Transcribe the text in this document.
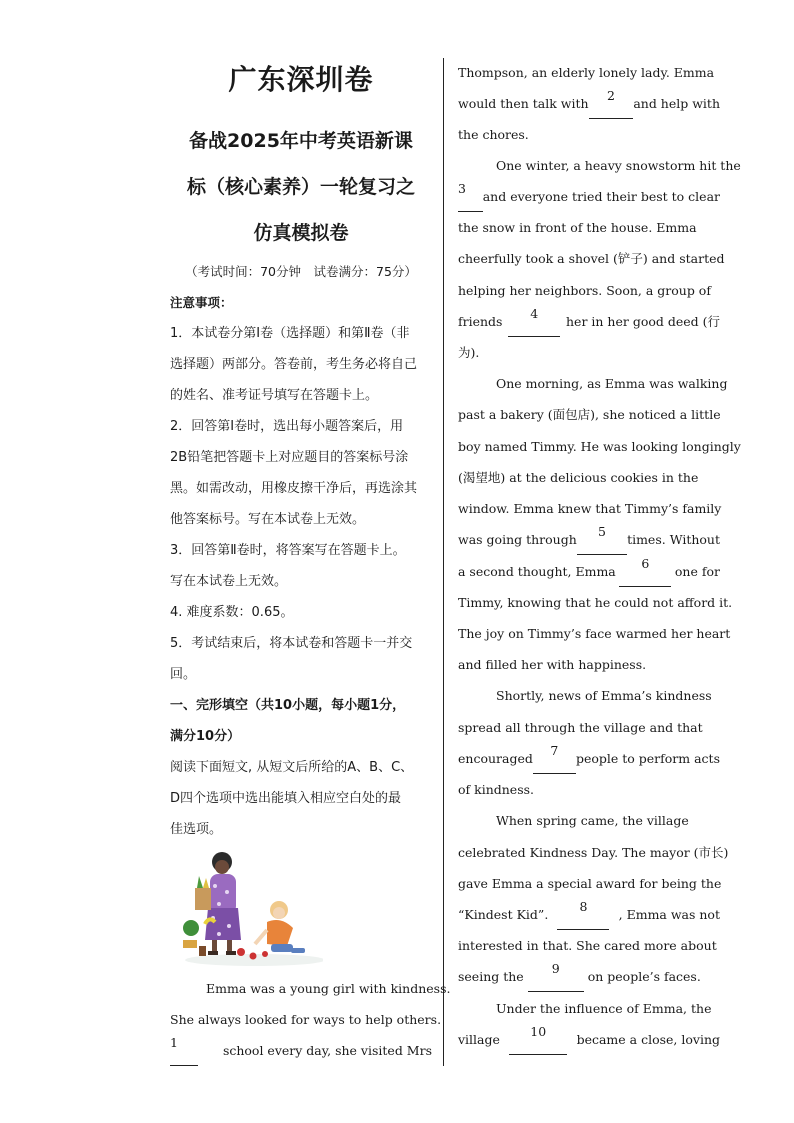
广东深圳卷
备战2025年中考英语新课
标（核心素养）一轮复习之
仿真模拟卷
（考试时间：70分钟　试卷满分：75分）
注意事项：
1．本试卷分第Ⅰ卷（选择题）和第Ⅱ卷（非
选择题）两部分。答卷前，考生务必将自己
的姓名、准考证号填写在答题卡上。
2．回答第Ⅰ卷时，选出每小题答案后，用
2B铅笔把答题卡上对应题目的答案标号涂
黑。如需改动，用橡皮擦干净后，再选涂其
他答案标号。写在本试卷上无效。
3．回答第Ⅱ卷时，将答案写在答题卡上。
写在本试卷上无效。
4. 难度系数：0.65。
5．考试结束后，将本试卷和答题卡一并交
回。
一、完形填空（共10小题，每小题1分，
满分10分）
阅读下面短文, 从短文后所给的A、B、C、
D四个选项中选出能填入相应空白处的最
佳选项。
Emma was a young girl with kindness.
She always looked for ways to help others.
1
school every day, she visited Mrs
Thompson, an elderly lonely lady. Emma
would then talk with
2
and help with
the chores.
One winter, a heavy snowstorm hit the
3
and everyone tried their best to clear
the snow in front of the house. Emma
cheerfully took a shovel (铲子) and started
helping her neighbors. Soon, a group of
friends
4
her in her good deed (行
为).
One morning, as Emma was walking
past a bakery (面包店), she noticed a little
boy named Timmy. He was looking longingly
(渴望地) at the delicious cookies in the
window. Emma knew that Timmy’s family
was going through
5
times. Without
a second thought, Emma
6
one for
Timmy, knowing that he could not afford it.
The joy on Timmy’s face warmed her heart
and filled her with happiness.
Shortly, news of Emma’s kindness
spread all through the village and that
encouraged
7
people to perform acts
of kindness.
When spring came, the village
celebrated Kindness Day. The mayor (市长)
gave Emma a special award for being the
“Kindest Kid”.
8
, Emma was not
interested in that. She cared more about
seeing the
9
on people’s faces.
Under the influence of Emma, the
village
10
became a close, loving
